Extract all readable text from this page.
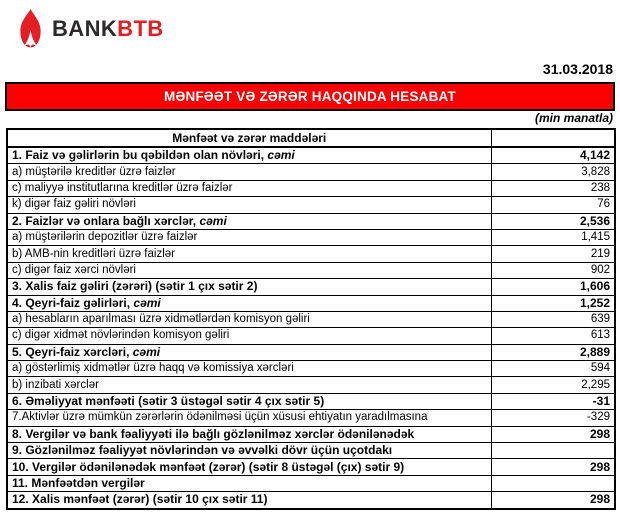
BANKBTB
31.03.2018
MƏNFƏƏT VƏ ZƏRƏR HAQQINDA HESABAT
(min manatla)
Mənfəət və zərər maddələri	
1. Faiz və gəlirlərin bu qəbildən olan növləri, cəmi	4,142
a) müştərilə kreditlər üzrə faizlər	3,828
c) maliyyə institutlarına kreditlər üzrə faizlər	238
k) digər faiz gəliri növləri	76
2. Faizlər və onlara bağlı xərclər, cəmi	2,536
a) müştərilərin depozitlər üzrə faizlər	1,415
b) AMB-nin kreditləri üzrə faizlər	219
c) digər faiz xərci növləri	902
3. Xalis faiz gəliri (zərəri) (sətir 1 çıx sətir 2)	1,606
4. Qeyri-faiz gəlirləri, cəmi	1,252
a) hesabların aparılması üzrə xidmətlərdən komisyon gəliri	639
c) digər xidmət növlərindən komisyon gəliri	613
5. Qeyri-faiz xərcləri, cəmi	2,889
a) göstərlimiş xidmətlər üzrə haqq və komissiya xərcləri	594
b) inzibati xərclər	2,295
6. Əməliyyat mənfəəti (sətir 3 üstəgəl sətir 4 çıx sətir 5)	-31
7.Aktivlər üzrə mümkün zərərlərin ödənilməsi üçün xüsusi ehtiyatın yaradılmasına	-329
8. Vergilər və bank fəaliyyəti ilə bağlı gözlənilməz xərclər ödənilənədək	298
9. Gözlənilməz fəaliyyət növlərindən və əvvəlki dövr üçün uçotdakı	
10. Vergilər ödənilənədək mənfəət (zərər) (sətir 8 üstəgəl (çıx) sətir 9)	298
11. Mənfəətdən vergilər	
12. Xalis mənfəət (zərər) (sətir 10 çıx sətir 11)	298
